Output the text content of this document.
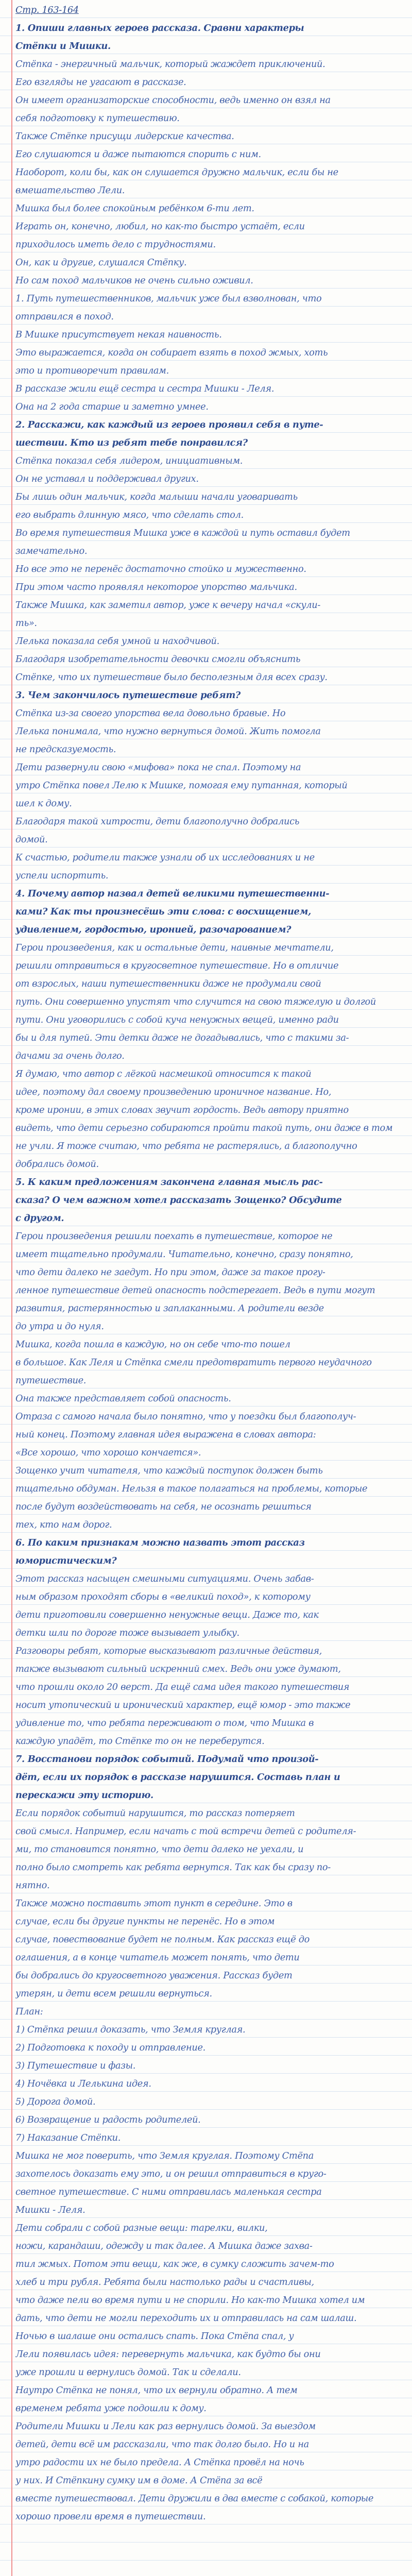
Стр. 163-164
1. Опиши главных героев рассказа. Сравни характеры
Стёпки и Мишки.
Стёпка - энергичный мальчик, который жаждет приключений.
Его взгляды не угасают в рассказе.
Он имеет организаторские способности, ведь именно он взял на
себя подготовку к путешествию.
Также Стёпке присущи лидерские качества.
Его слушаются и даже пытаются спорить с ним.
Наоборот, коли бы, как он слушается дружно мальчик, если бы не
вмешательство Лели.
Мишка был более спокойным ребёнком 6-ти лет.
Играть он, конечно, любил, но как-то быстро устаёт, если
приходилось иметь дело с трудностями.
Он, как и другие, слушался Стёпку.
Но сам поход мальчиков не очень сильно оживил.
1. Путь путешественников, мальчик уже был взволнован, что
отправился в поход.
В Мишке присутствует некая наивность.
Это выражается, когда он собирает взять в поход жмых, хоть
это и противоречит правилам.
В рассказе жили ещё сестра и сестра Мишки - Леля.
Она на 2 года старше и заметно умнее.
2. Расскажи, как каждый из героев проявил себя в путе-
шествии. Кто из ребят тебе понравился?
Стёпка показал себя лидером, инициативным.
Он не уставал и поддерживал других.
Бы лишь один мальчик, когда малыши начали уговаривать
его выбрать длинную мясо, что сделать стол.
Во время путешествия Мишка уже в каждой и путь оставил будет
замечательно.
Но все это не перенёс достаточно стойко и мужественно.
При этом часто проявлял некоторое упорство мальчика.
Также Мишка, как заметил автор, уже к вечеру начал «скули-
ть».
Лелька показала себя умной и находчивой.
Благодаря изобретательности девочки смогли объяснить
Стёпке, что их путешествие было бесполезным для всех сразу.
3. Чем закончилось путешествие ребят?
Стёпка из-за своего упорства вела довольно бравые. Но
Лелька понимала, что нужно вернуться домой. Жить помогла
не предсказуемость.
Дети развернули свою «мифова» пока не спал. Поэтому на
утро Стёпка повел Лелю к Мишке, помогая ему путанная, который
шел к дому.
Благодаря такой хитрости, дети благополучно добрались
домой.
К счастью, родители также узнали об их исследованиях и не
успели испортить.
4. Почему автор назвал детей великими путешественни-
ками? Как ты произнесёшь эти слова: с восхищением,
удивлением, гордостью, иронией, разочарованием?
Герои произведения, как и остальные дети, наивные мечтатели,
решили отправиться в кругосветное путешествие. Но в отличие
от взрослых, наши путешественники даже не продумали свой
путь. Они совершенно упустят что случится на свою тяжелую и долгой
пути. Они уговорились с собой куча ненужных вещей, именно ради
бы и для путей. Эти детки даже не догадывались, что с такими за-
дачами за очень долго.
Я думаю, что автор с лёгкой насмешкой относится к такой
идее, поэтому дал своему произведению ироничное название. Но,
кроме иронии, в этих словах звучит гордость. Ведь автору приятно
видеть, что дети серьезно собираются пройти такой путь, они даже в том
не учли. Я тоже считаю, что ребята не растерялись, а благополучно
добрались домой.
5. К каким предложениям закончена главная мысль рас-
сказа? О чем важном хотел рассказать Зощенко? Обсудите
с другом.
Герои произведения решили поехать в путешествие, которое не
имеет тщательно продумали. Читательно, конечно, сразу понятно,
что дети далеко не заедут. Но при этом, даже за такое прогу-
ленное путешествие детей опасность подстерегает. Ведь в пути могут
развития, растерянностью и заплаканными. А родители везде
до утра и до нуля.
Мишка, когда пошла в каждую, но он себе что-то пошел
в большое. Как Леля и Стёпка смели предотвратить первого неудачного
путешествие.
Она также представляет собой опасность.
Отраза с самого начала было понятно, что у поездки был благополуч-
ный конец. Поэтому главная идея выражена в словах автора:
«Все хорошо, что хорошо кончается».
Зощенко учит читателя, что каждый поступок должен быть
тщательно обдуман. Нельзя в такое полагаться на проблемы, которые
после будут воздействовать на себя, не осознать решиться
тех, кто нам дорог.
6. По каким признакам можно назвать этот рассказ
юмористическим?
Этот рассказ насыщен смешными ситуациями. Очень забав-
ным образом проходят сборы в «великий поход», к которому
дети приготовили совершенно ненужные вещи. Даже то, как
детки шли по дороге тоже вызывает улыбку.
Разговоры ребят, которые высказывают различные действия,
также вызывают сильный искренний смех. Ведь они уже думают,
что прошли около 20 верст. Да ещё сама идея такого путешествия
носит утопический и иронический характер, ещё юмор - это также
удивление то, что ребята переживают о том, что Мишка в
каждую упадёт, то Стёпке то он не переберутся.
7. Восстанови порядок событий. Подумай что произой-
дёт, если их порядок в рассказе нарушится. Составь план и
перескажи эту историю.
Если порядок событий нарушится, то рассказ потеряет
свой смысл. Например, если начать с той встречи детей с родителя-
ми, то становится понятно, что дети далеко не уехали, и
полно было смотреть как ребята вернутся. Так как бы сразу по-
нятно.
Также можно поставить этот пункт в середине. Это в
случае, если бы другие пункты не перенёс. Но в этом
случае, повествование будет не полным. Как рассказ ещё до
оглашения, а в конце читатель может понять, что дети
бы добрались до кругосветного уважения. Рассказ будет
утерян, и дети всем решили вернуться.
План:
1) Стёпка решил доказать, что Земля круглая.
2) Подготовка к походу и отправление.
3) Путешествие и фазы.
4) Ночёвка и Лелькина идея.
5) Дорога домой.
6) Возвращение и радость родителей.
7) Наказание Стёпки.
Мишка не мог поверить, что Земля круглая. Поэтому Стёпа
захотелось доказать ему это, и он решил отправиться в круго-
светное путешествие. С ними отправилась маленькая сестра
Мишки - Леля.
Дети собрали с собой разные вещи: тарелки, вилки,
ножи, карандаши, одежду и так далее. А Мишка даже захва-
тил жмых. Потом эти вещи, как же, в сумку сложить зачем-то
хлеб и три рубля. Ребята были настолько рады и счастливы,
что даже пели во время пути и не спорили. Но как-то Мишка хотел им
дать, что дети не могли переходить их и отправилась на сам шалаш.
Ночью в шалаше они остались спать. Пока Стёпа спал, у
Лели появилась идея: перевернуть мальчика, как будто бы они
уже прошли и вернулись домой. Так и сделали.
Наутро Стёпка не понял, что их вернули обратно. А тем
временем ребята уже подошли к дому.
Родители Мишки и Лели как раз вернулись домой. За выездом
детей, дети всё им рассказали, что так долго было. Но и на
утро радости их не было предела. А Стёпка провёл на ночь
у них. И Стёпкину сумку им в доме. А Стёпа за всё
вместе путешествовал. Дети дружили в два вместе с собакой, которые
хорошо провели время в путешествии.
